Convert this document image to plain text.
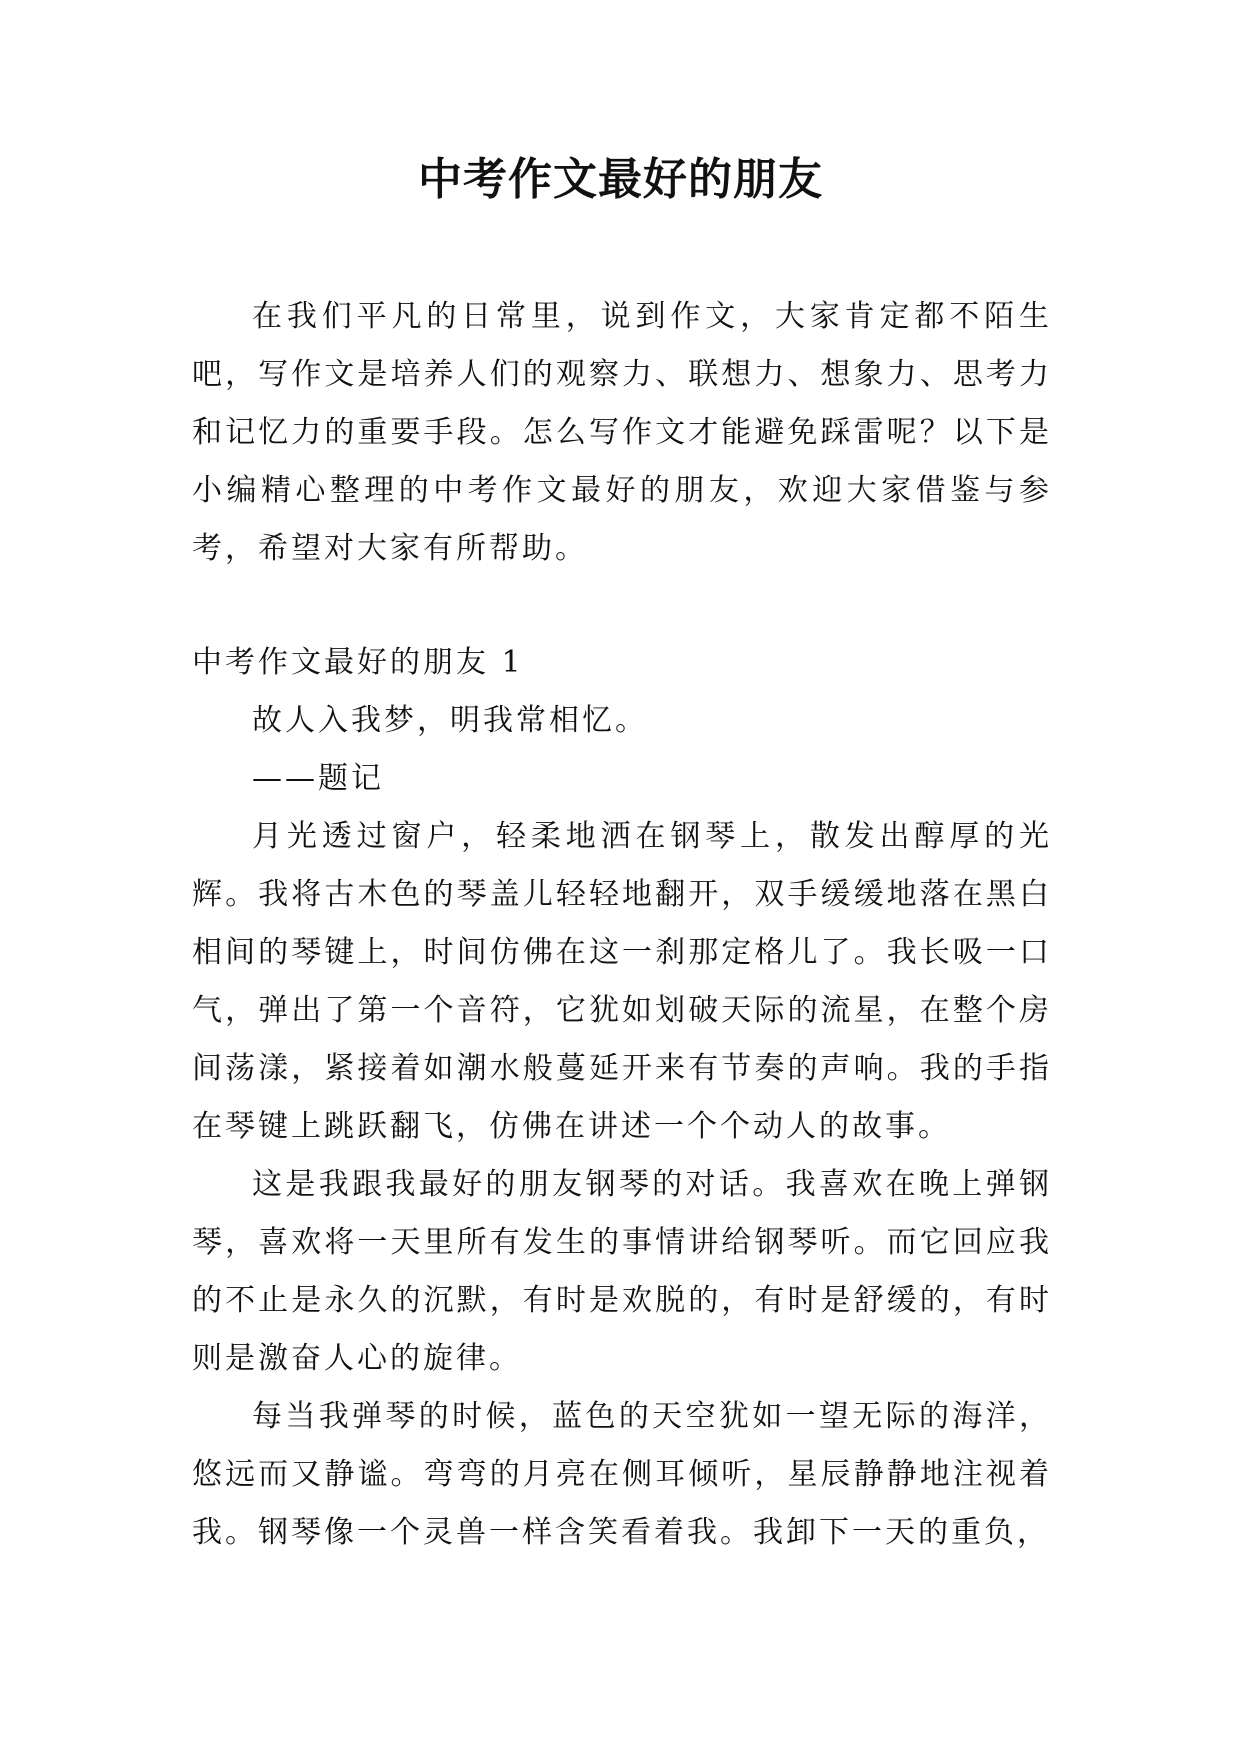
中考作文最好的朋友

在我们平凡的日常里，说到作文，大家肯定都不陌生吧，写作文是培养人们的观察力、联想力、想象力、思考力和记忆力的重要手段。怎么写作文才能避免踩雷呢？以下是小编精心整理的中考作文最好的朋友，欢迎大家借鉴与参考，希望对大家有所帮助。

中考作文最好的朋友 1

故人入我梦，明我常相忆。

——题记

月光透过窗户，轻柔地洒在钢琴上，散发出醇厚的光辉。我将古木色的琴盖儿轻轻地翻开，双手缓缓地落在黑白相间的琴键上，时间仿佛在这一刹那定格儿了。我长吸一口气，弹出了第一个音符，它犹如划破天际的流星，在整个房间荡漾，紧接着如潮水般蔓延开来有节奏的声响。我的手指在琴键上跳跃翻飞，仿佛在讲述一个个动人的故事。

这是我跟我最好的朋友钢琴的对话。我喜欢在晚上弹钢琴，喜欢将一天里所有发生的事情讲给钢琴听。而它回应我的不止是永久的沉默，有时是欢脱的，有时是舒缓的，有时则是激奋人心的旋律。

每当我弹琴的时候，蓝色的天空犹如一望无际的海洋，悠远而又静谧。弯弯的月亮在侧耳倾听，星辰静静地注视着我。钢琴像一个灵兽一样含笑看着我。我卸下一天的重负，
